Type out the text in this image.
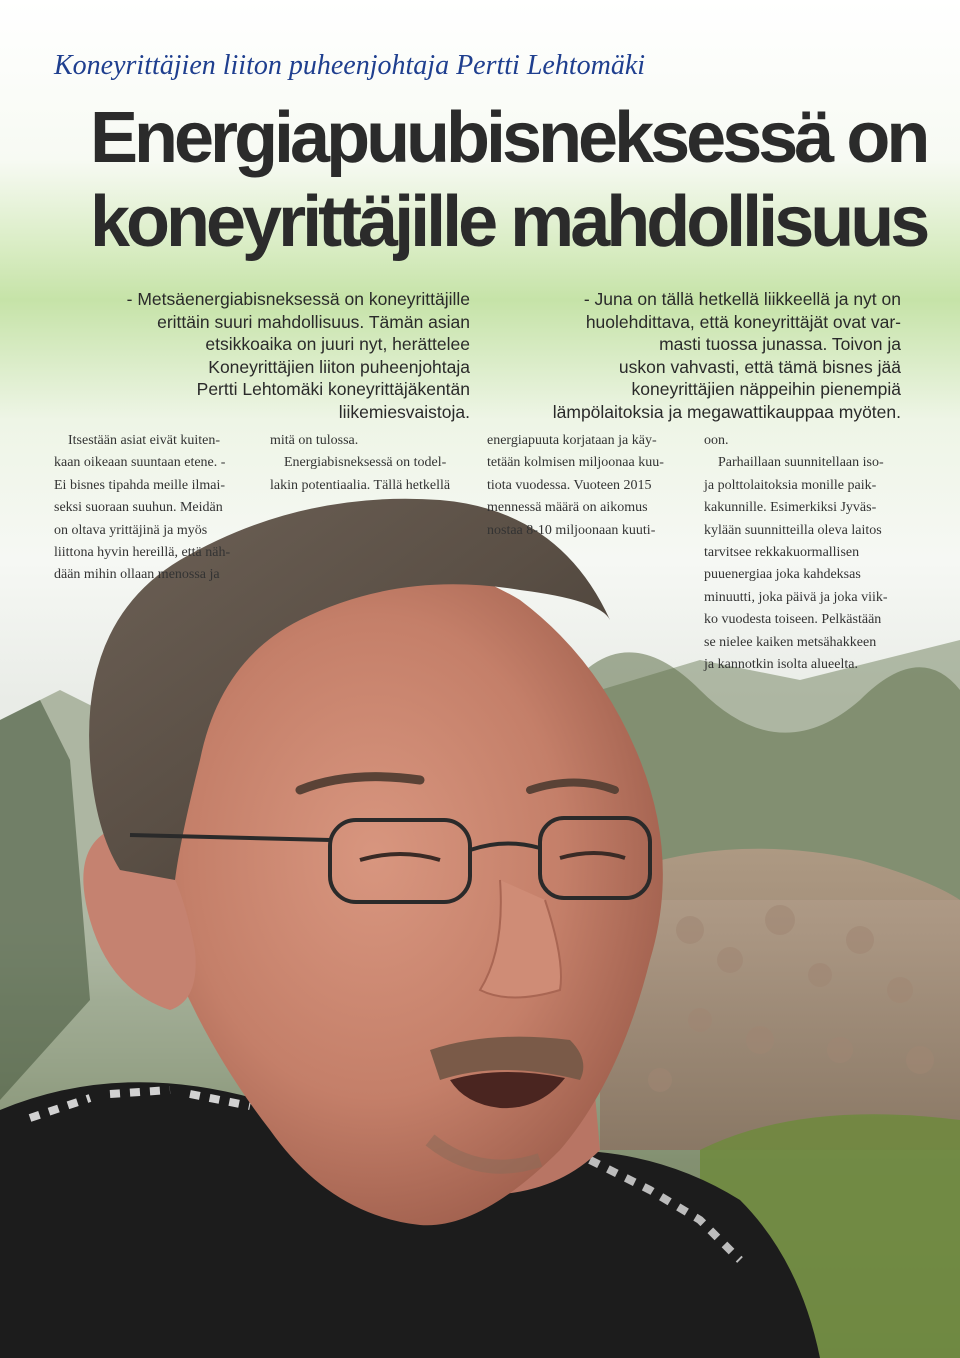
Koneyrittäjien liiton puheenjohtaja Pertti Lehtomäki
Energiapuubisneksessä on
koneyrittäjille mahdollisuus
- Metsäenergiabisneksessä on koneyrittäjille
erittäin suuri mahdollisuus. Tämän asian
etsikkoaika on juuri nyt, herättelee
Koneyrittäjien liiton puheenjohtaja
Pertti Lehtomäki koneyrittäjäkentän
liikemiesvaistoja.
- Juna on tällä hetkellä liikkeellä ja nyt on
huolehdittava, että koneyrittäjät ovat var-
masti tuossa junassa. Toivon ja
uskon vahvasti, että tämä bisnes jää
koneyrittäjien näppeihin pienempiä
lämpölaitoksia ja megawattikauppaa myöten.
Itsestään asiat eivät kuiten-
kaan oikeaan suuntaan etene. -
Ei bisnes tipahda meille ilmai-
seksi suoraan suuhun. Meidän
on oltava yrittäjinä ja myös
liittona hyvin hereillä, että näh-
dään mihin ollaan menossa ja
mitä on tulossa.
Energiabisneksessä on todel-
lakin potentiaalia. Tällä hetkellä
energiapuuta korjataan ja käy-
tetään kolmisen miljoonaa kuu-
tiota vuodessa. Vuoteen 2015
mennessä määrä on aikomus
nostaa 8-10 miljoonaan kuuti-
oon.
Parhaillaan suunnitellaan iso-
ja polttolaitoksia monille paik-
kakunnille. Esimerkiksi Jyväs-
kylään suunnitteilla oleva laitos
tarvitsee rekkakuormallisen
puuenergiaa joka kahdeksas
minuutti, joka päivä ja joka viik-
ko vuodesta toiseen. Pelkästään
se nielee kaiken metsähakkeen
ja kannotkin isolta alueelta.
